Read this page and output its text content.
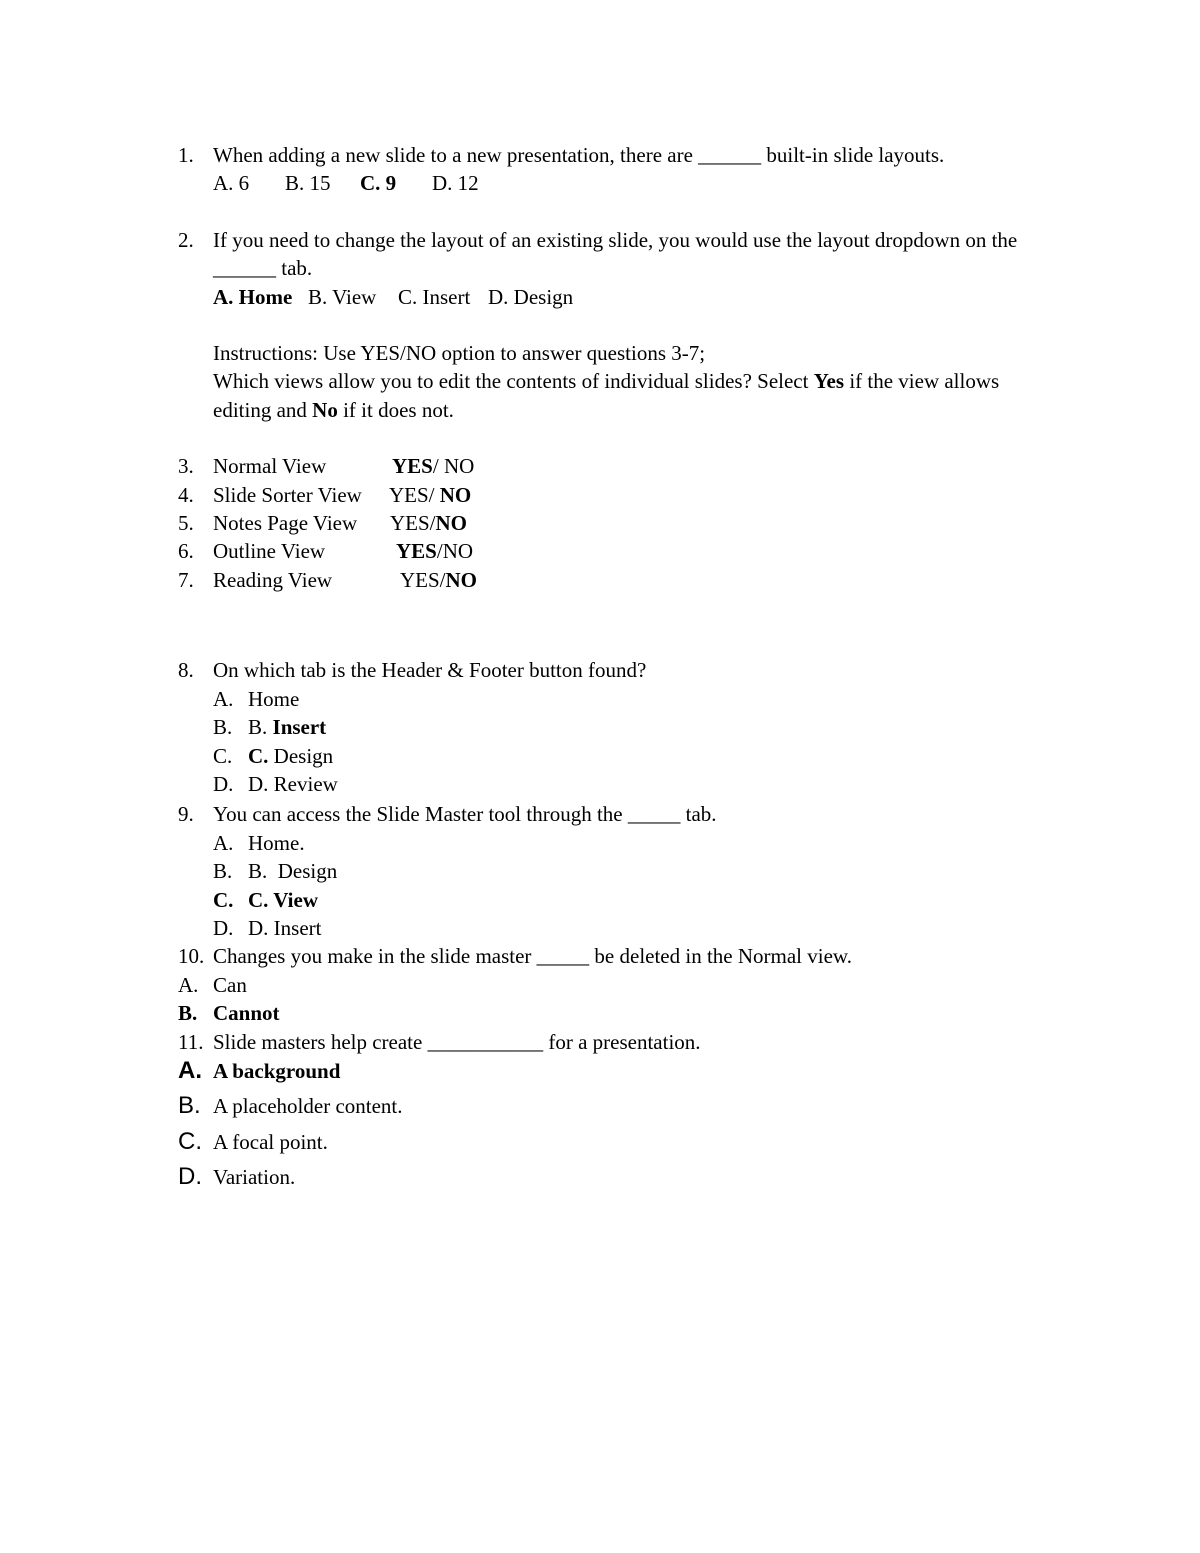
1. When adding a new slide to a new presentation, there are ______ built-in slide layouts.
A. 6 B. 15 C. 9 D. 12
2. If you need to change the layout of an existing slide, you would use the layout dropdown on the
______ tab.
A. Home B. View C. Insert D. Design
Instructions: Use YES/NO option to answer questions 3-7;
Which views allow you to edit the contents of individual slides? Select Yes if the view allows
editing and No if it does not.
3. Normal View	YES/ NO
4. Slide Sorter View YES/ NO
5. Notes Page View YES/NO
6. Outline View	YES/NO
7. Reading View	YES/NO
8. On which tab is the Header & Footer button found?
A. Home
B. B. Insert
C. C. Design
D. D. Review
9. You can access the Slide Master tool through the _____ tab.
A. Home.
B. B.  Design
C. C. View
D. D. Insert
10. Changes you make in the slide master _____ be deleted in the Normal view.
A. Can
B. Cannot
11. Slide masters help create ___________ for a presentation.
A. A background
B. A placeholder content.
C. A focal point.
D. Variation.
